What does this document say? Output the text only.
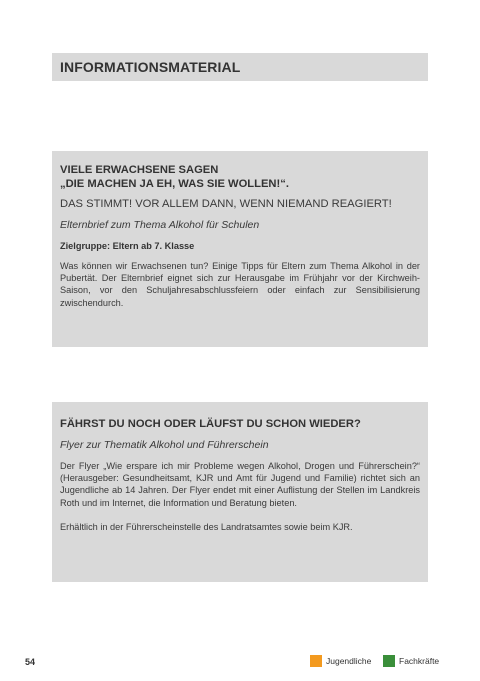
INFORMATIONSMATERIAL

VIELE ERWACHSENE SAGEN

„DIE MACHEN JA EH, WAS SIE WOLLEN!“.

DAS STIMMT! VOR ALLEM DANN, WENN NIEMAND REAGIERT!
Elternbrief zum Thema Alkohol für Schulen
Zielgruppe: Eltern ab 7. Klasse

Was können wir Erwachsenen tun? Einige Tipps für Eltern zum Thema Alkohol in der Pubertät. Der Elternbrief eignet sich zur Herausgabe im Frühjahr vor der Kirchweih-Saison, vor den Schuljahresabschlussfeiern oder einfach zur Sensibilisierung zwischendurch.

FÄHRST DU NOCH ODER LÄUFST DU SCHON WIEDER?

Flyer zur Thematik Alkohol und Führerschein

Der Flyer „Wie erspare ich mir Probleme wegen Alkohol, Drogen und Führerschein?“ (Herausgeber: Gesundheitsamt, KJR und Amt für Jugend und Familie) richtet sich an Jugendliche ab 14 Jahren. Der Flyer endet mit einer Auflistung der Stellen im Landkreis Roth und im Internet, die Information und Beratung bieten.

Erhältlich in der Führerscheinstelle des Landratsamtes sowie beim KJR.

54	Jugendliche	Fachkräfte
